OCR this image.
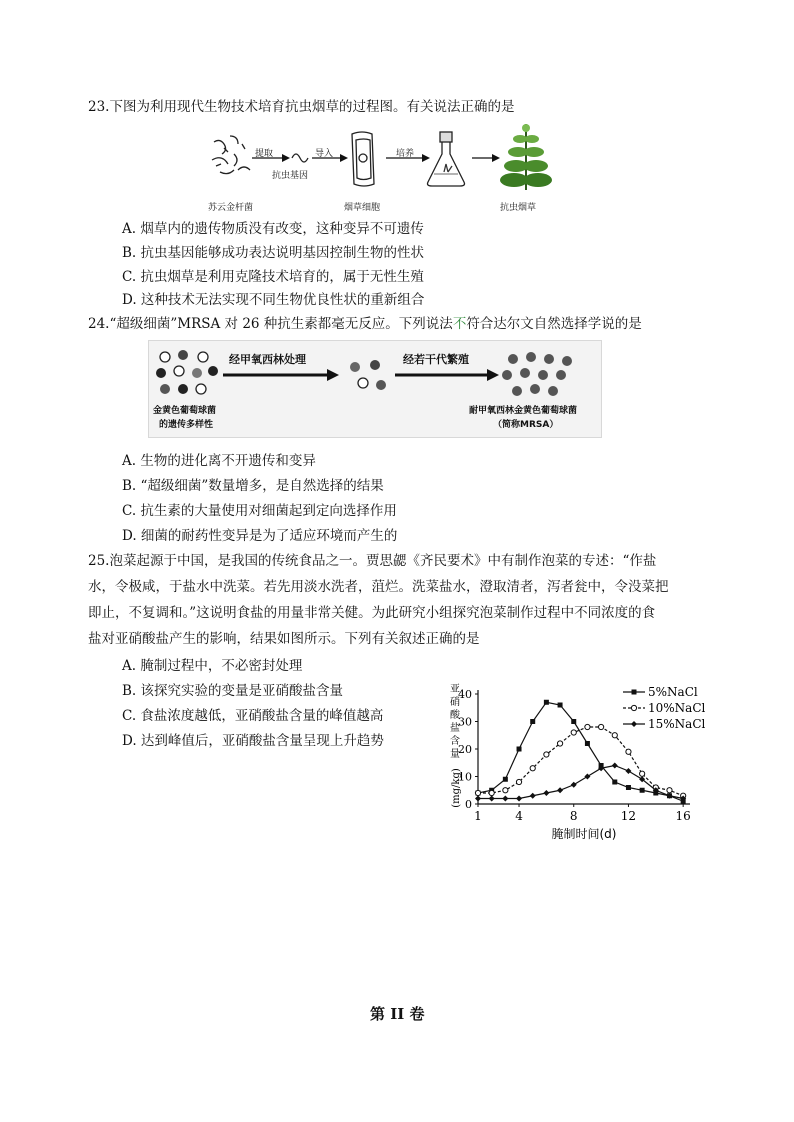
23.下图为利用现代生物技术培育抗虫烟草的过程图。有关说法正确的是
提取	导入	培养
抗虫基因
苏云金杆菌	烟草细胞	抗虫烟草
A. 烟草内的遗传物质没有改变，这种变异不可遗传
B. 抗虫基因能够成功表达说明基因控制生物的性状
C. 抗虫烟草是利用克隆技术培育的，属于无性生殖
D. 这种技术无法实现不同生物优良性状的重新组合
24.“超级细菌”MRSA 对 26 种抗生素都毫无反应。下列说法不符合达尔文自然选择学说的是
经甲氧西林处理	经若干代繁殖
金黄色葡萄球菌
的遗传多样性
耐甲氧西林金黄色葡萄球菌
（简称MRSA）
A. 生物的进化离不开遗传和变异
B. “超级细菌”数量增多，是自然选择的结果
C. 抗生素的大量使用对细菌起到定向选择作用
D. 细菌的耐药性变异是为了适应环境而产生的
25.泡菜起源于中国，是我国的传统食品之一。贾思勰《齐民要术》中有制作泡菜的专述：“作盐
水，令极咸，于盐水中洗菜。若先用淡水洗者，菹烂。洗菜盐水，澄取清者，泻者瓮中，令没菜把
即止，不复调和。”这说明食盐的用量非常关健。为此研究小组探究泡菜制作过程中不同浓度的食
盐对亚硝酸盐产生的影响，结果如图所示。下列有关叙述正确的是
A. 腌制过程中，不必密封处理
B. 该探究实验的变量是亚硝酸盐含量
C. 食盐浓度越低，亚硝酸盐含量的峰值越高
D. 达到峰值后，亚硝酸盐含量呈现上升趋势
0
10
20
30
40
1	4	8	12	16
腌制时间(d)
亚
硝
酸
盐
含
量
(mg/kg)
5%NaCl
10%NaCl
15%NaCl
第 II 卷
